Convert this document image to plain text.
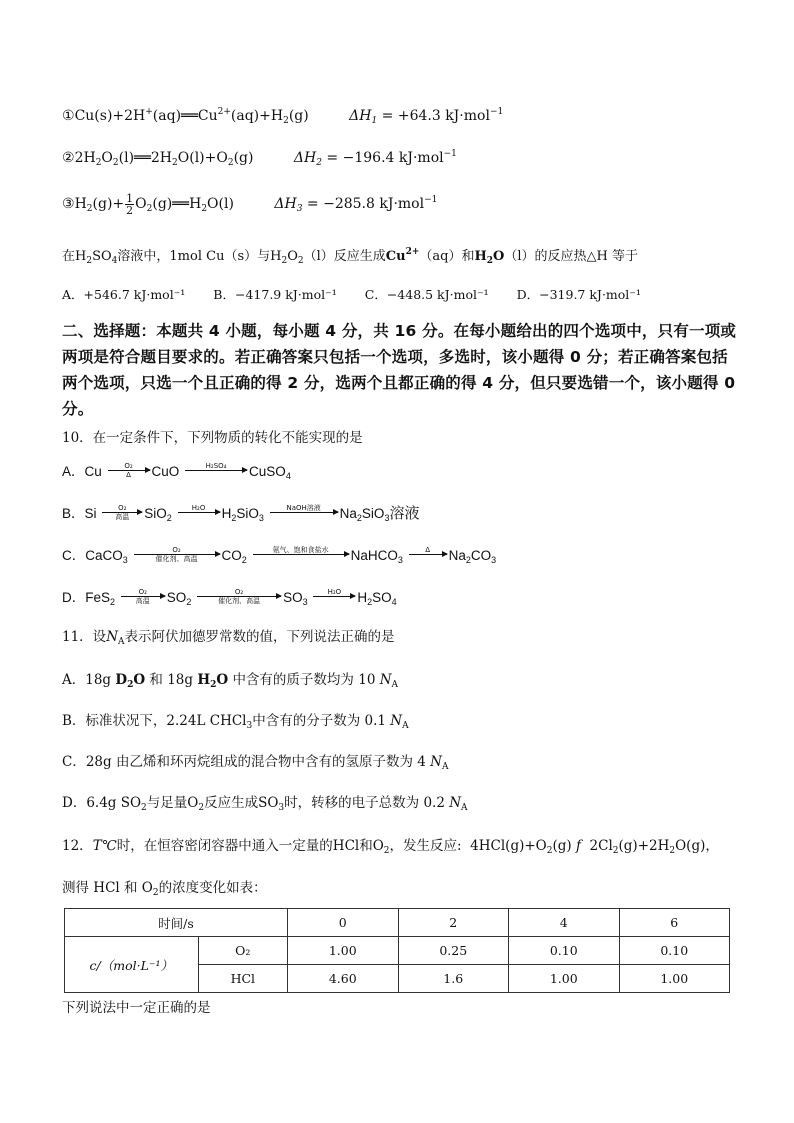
$①Cu(s)+2H^+(aq)══Cu^{2+}(aq)+H_2(g)$	$\Delta H_1 = +64.3$ kJ·mol$^{-1}$
$②2H_2O_2(l)══2H_2O(l)+O_2(g)$	$\Delta H_2 = -196.4$ kJ·mol$^{-1}$
$③H_2(g)+ \frac{1}{2}$ $O_2(g)══H_2O(l)$	$\Delta H_3 = -285.8$ kJ·mol$^{-1}$
在$H_2SO_4$溶液中，1mol Cu（s）与$H_2O_2(l)$反应生成$Cu^{2+}(aq)$和$H_2O(l)$的反应热△H 等于
A．+546.7 kJ·mol⁻¹ B．−417.9 kJ·mol⁻¹ C．−448.5 kJ·mol⁻¹ D．−319.7 kJ·mol⁻¹
二、选择题：本题共 4 小题，每小题 4 分，共 16 分。在每小题给出的四个选项中，只有一项或两项是符合题目要求的。若正确答案只包括一个选项，多选时，该小题得 0 分；若正确答案包括两个选项，只选一个且正确的得 2 分，选两个且都正确的得 4 分，但只要选错一个，该小题得 0 分。
10．在一定条件下，下列物质的转化不能实现的是
A．Cu $\frac{\text{O₂}}{\Delta}$ CuO	H₂SO₄
CuSO$_4$
B．Si	O₂
高温 SiO$_2$
H₂O
$H_2SiO_3$
NaOH溶液
$Na_2SiO_3$溶液
C．CaCO$_3$
O₂
催化剂、高温 $CO_2$
氨气、饱和食盐水
NaHCO$_3$
Δ
$Na_2CO_3$
D．FeS$_2$
O₂
高温 $SO_2$
O₂
催化剂、高温 $SO_3$
H₂O
$H_2SO_4$
11．设$N_A$表示阿伏加德罗常数的值，下列说法正确的是
A．18g $D_2O$ 和 18g $H_2O$ 中含有的质子数均为 10 $N_A$
B．标准状况下，2.24L CHCl$_3$中含有的分子数为 0.1 $N_A$
C．28g 由乙烯和环丙烷组成的混合物中含有的氢原子数为 4 $N_A$
D．6.4g $SO_2$与足量$O_2$反应生成$SO_3$时，转移的电子总数为 0.2 $N_A$
12．T℃时，在恒容密闭容器中通入一定量的HCl和$O_2$，发生反应:  $4HCl(g)+O_2(g)$ f  $2Cl_2(g)+2H_2O(g)$，
测得 HCl 和 $O_2$的浓度变化如表：
时间/s		0	2	4	6
c/（mol·L⁻¹）	O₂	1.00	0.25	0.10	0.10
	HCl	4.60	1.6	1.00	1.00
下列说法中一定正确的是
